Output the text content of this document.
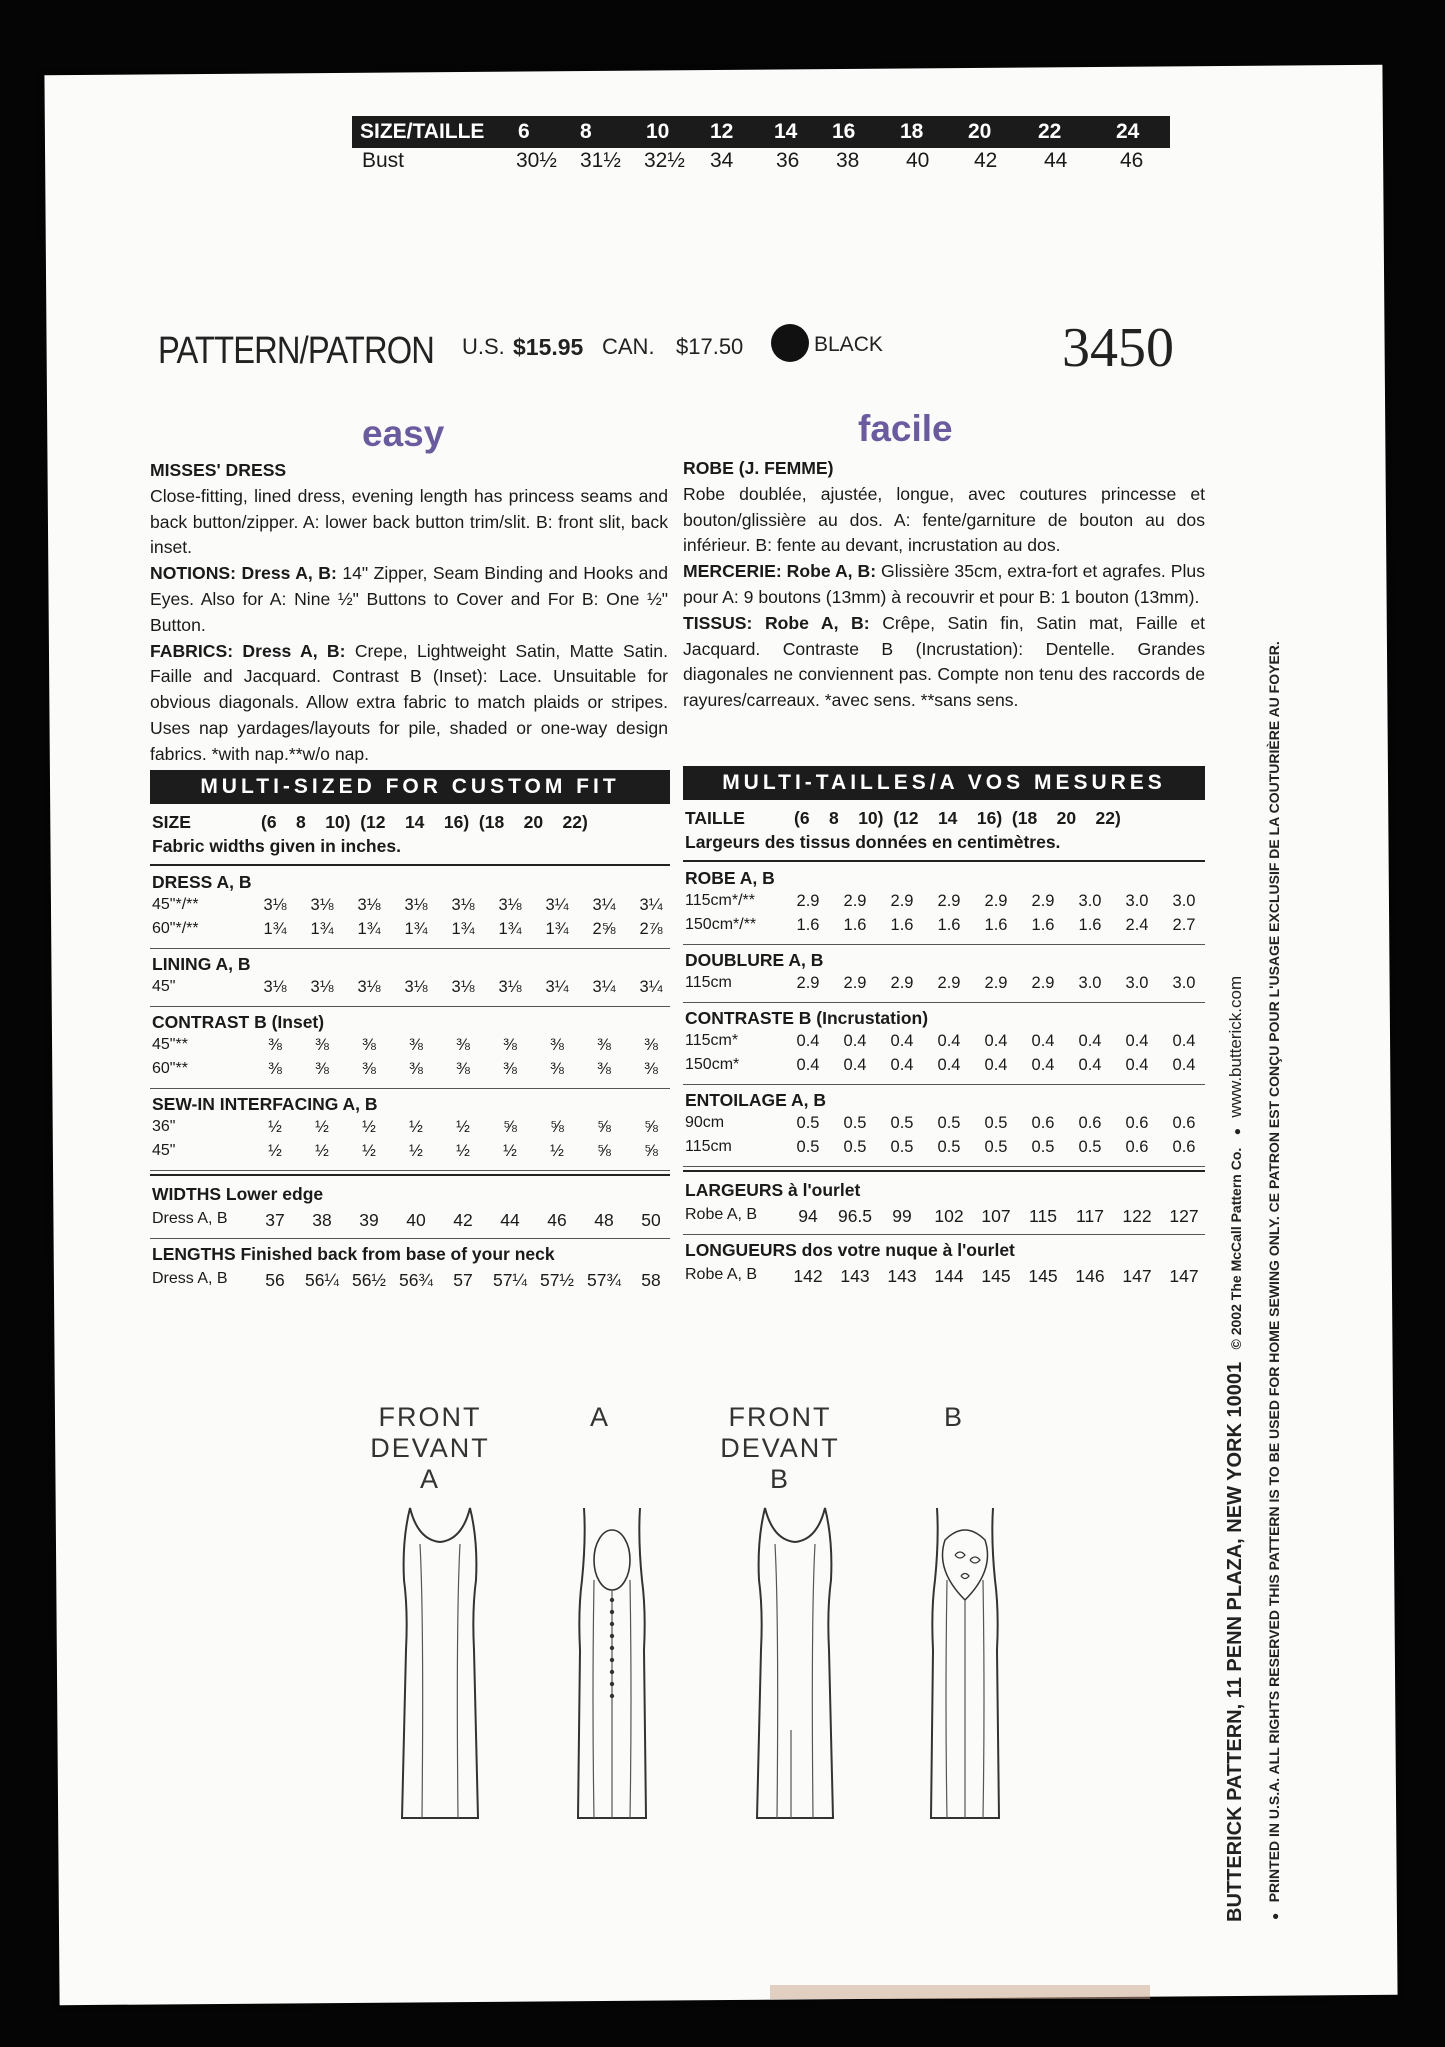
SIZE/TAILLE 6 8	10 12 14 16 18 20 22	24
Bust	30½ 31½ 32½ 34 36 38 40 42 44	46
PATTERN/PATRON U.S. $15.95 CAN. $17.50	BLACK	3450
easy	facile

MISSES' DRESS

Close-fitting, lined dress, evening length has princess seams and back button/zipper. A: lower back button trim/slit. B: front slit, back inset.

NOTIONS: Dress A, B: 14" Zipper, Seam Binding and Hooks and Eyes. Also for A: Nine ½" Buttons to Cover and For B: One ½" Button.

FABRICS: Dress A, B: Crepe, Lightweight Satin, Matte Satin. Faille and Jacquard. Contrast B (Inset): Lace. Unsuitable for obvious diagonals. Allow extra fabric to match plaids or stripes. Uses nap yardages/layouts for pile, shaded or one-way design fabrics. *with nap.**w/o nap.

ROBE (J. FEMME)

Robe doublée, ajustée, longue, avec coutures princesse et bouton/glissière au dos. A: fente/garniture de bouton au dos inférieur. B: fente au devant, incrustation au dos.

MERCERIE: Robe A, B: Glissière 35cm, extra-fort et agrafes. Plus pour A: 9 boutons (13mm) à recouvrir et pour B: 1 bouton (13mm).

TISSUS: Robe A, B: Crêpe, Satin fin, Satin mat, Faille et Jacquard. Contraste B (Incrustation): Dentelle. Grandes diagonales ne conviennent pas. Compte non tenu des raccords de rayures/carreaux. *avec sens. **sans sens.

MULTI-SIZED FOR CUSTOM FIT
SIZE	(6    8    10)  (12    14    16)  (18    20    22)
Fabric widths given in inches.
DRESS A, B
45"*/**	3⅛	3⅛	3⅛	3⅛	3⅛	3⅛	3¼	3¼	3¼
60"*/**	1¾	1¾	1¾	1¾	1¾	1¾	1¾	2⅝	2⅞
LINING A, B
45"	3⅛	3⅛	3⅛	3⅛	3⅛	3⅛	3¼	3¼	3¼
CONTRAST B (Inset)
45"**	⅜	⅜	⅜	⅜	⅜	⅜	⅜	⅜	⅜
60"**	⅜	⅜	⅜	⅜	⅜	⅜	⅜	⅜	⅜
SEW-IN INTERFACING A, B
36"	½	½	½	½	½	⅝	⅝	⅝	⅝
45"	½	½	½	½	½	½	½	⅝	⅝
WIDTHS Lower edge
Dress A, B	37	38	39	40	42	44	46	48	50
LENGTHS Finished back from base of your neck
Dress A, B	56	56¼ 56½ 56¾	57	57¼ 57½ 57¾	58
MULTI-TAILLES/A VOS MESURES
TAILLE	(6    8    10)  (12    14    16)  (18    20    22)
Largeurs des tissus données en centimètres.
ROBE A, B
115cm*/**	2.9	2.9	2.9	2.9	2.9	2.9	3.0	3.0	3.0
150cm*/**	1.6	1.6	1.6	1.6	1.6	1.6	1.6	2.4	2.7
DOUBLURE A, B
115cm	2.9	2.9	2.9	2.9	2.9	2.9	3.0	3.0	3.0
CONTRASTE B (Incrustation)
115cm*	0.4	0.4	0.4	0.4	0.4	0.4	0.4	0.4	0.4
150cm*	0.4	0.4	0.4	0.4	0.4	0.4	0.4	0.4	0.4
ENTOILAGE A, B
90cm	0.5	0.5	0.5	0.5	0.5	0.6	0.6	0.6	0.6
115cm	0.5	0.5	0.5	0.5	0.5	0.5	0.5	0.6	0.6
LARGEURS à l'ourlet
Robe A, B	94	96.5	99	102	107	115	117	122	127
LONGUEURS dos votre nuque à l'ourlet
Robe A, B	142	143	143	144	145	145	146	147	147
FRONT
DEVANT
A
A	FRONT
DEVANT
B
B	BUTTERICK PATTERN, 11 PENN PLAZA, NEW YORK 10001 © 2002 The McCall Pattern Co. ● www.butterick.com
● PRINTED IN U.S.A. ALL RIGHTS RESERVED THIS PATTERN IS TO BE USED FOR HOME SEWING ONLY. CE PATRON EST CONÇU POUR L'USAGE EXCLUSIF DE LA COUTURIÈRE AU FOYER.
